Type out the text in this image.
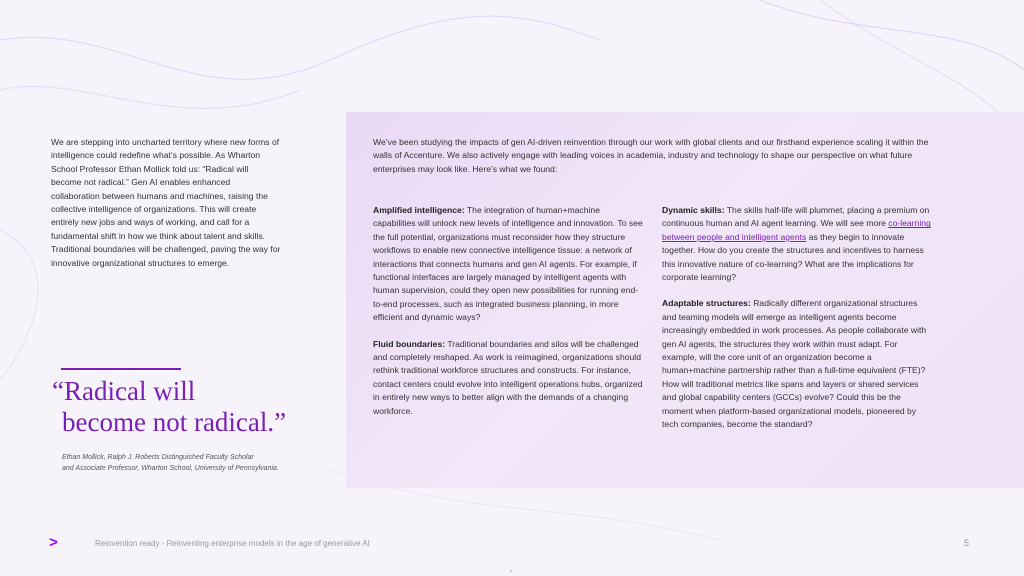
We are stepping into uncharted territory where new forms of intelligence could redefine what’s possible. As Wharton School Professor Ethan Mollick told us: “Radical will become not radical.” Gen AI enables enhanced collaboration between humans and machines, raising the collective intelligence of organizations. This will create entirely new jobs and ways of working, and call for a fundamental shift in how we think about talent and skills. Traditional boundaries will be challenged, paving the way for innovative organizational structures to emerge.

“Radical will
become not radical.”
Ethan Mollick, Ralph J. Roberts Distinguished Faculty Scholar
and Associate Professor, Wharton School, University of Pennsylvania.
We’ve been studying the impacts of gen AI-driven reinvention through our work with global clients and our firsthand experience scaling it within the walls of Accenture. We also actively engage with leading voices in academia, industry and technology to shape our perspective on what future enterprises may look like. Here’s what we found:

Amplified intelligence: The integration of human+machine capabilities will unlock new levels of intelligence and innovation. To see the full potential, organizations must reconsider how they structure workflows to enable new connective intelligence tissue: a network of interactions that connects humans and gen AI agents. For example, if functional interfaces are largely managed by intelligent agents with human supervision, could they open new possibilities for running end-to-end processes, such as integrated business planning, in more efficient and dynamic ways?

Fluid boundaries: Traditional boundaries and silos will be challenged and completely reshaped. As work is reimagined, organizations should rethink traditional workforce structures and constructs. For instance, contact centers could evolve into intelligent operations hubs, organized in entirely new ways to better align with the demands of a changing workforce.

Dynamic skills: The skills half-life will plummet, placing a premium on continuous human and AI agent learning. We will see more co-learning between people and intelligent agents as they begin to innovate together. How do you create the structures and incentives to harness this innovative nature of co-learning? What are the implications for corporate learning?

Adaptable structures: Radically different organizational structures and teaming models will emerge as intelligent agents become increasingly embedded in work processes. As people collaborate with gen AI agents, the structures they work within must adapt. For example, will the core unit of an organization become a human+machine partnership rather than a full-time equivalent (FTE)? How will traditional metrics like spans and layers or shared services and global capability centers (GCCs) evolve? Could this be the moment when platform-based organizational models, pioneered by tech companies, become the standard?

>	Reinvention ready - Reinventing enterprise models in the age of generative AI	5
